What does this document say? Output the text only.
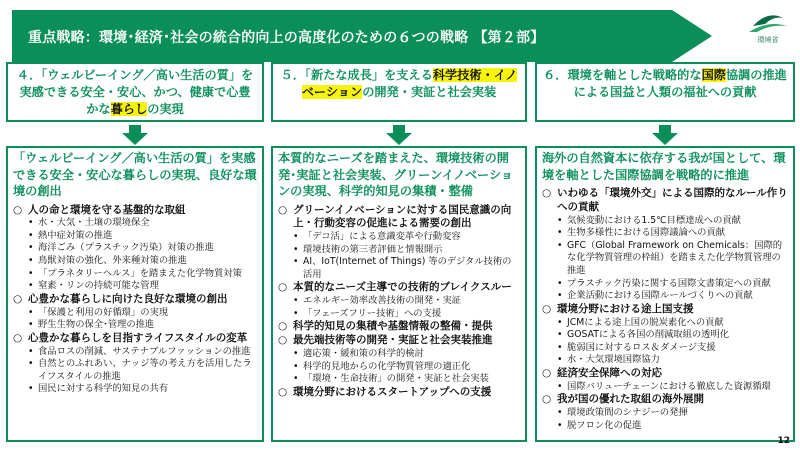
重点戦略：環境･経済･社会の統合的向上の高度化のための６つの戦略 【第２部】	環境省
４．「ウェルビーイング／高い生活の質」を実感できる安全・安心、かつ、健康で心豊かな暮らしの実現
５．「新たな成長」を支える科学技術・イノベーションの開発・実証と社会実装
６．環境を軸とした戦略的な国際協調の推進による国益と人類の福祉への貢献
「ウェルビーイング／高い生活の質」を実感できる安全・安心な暮らしの実現、良好な環境の創出
○ 人の命と環境を守る基盤的な取組
• 水・大気・土壌の環境保全
• 熱中症対策の推進
• 海洋ごみ（プラスチック汚染）対策の推進
• 鳥獣対策の強化、外来種対策の推進
• 「プラネタリーヘルス」を踏まえた化学物質対策
• 窒素・リンの持続可能な管理
○ 心豊かな暮らしに向けた良好な環境の創出
• 「保護と利用の好循環」の実現
• 野生生物の保全･管理の推進
○ 心豊かな暮らしを目指すライフスタイルの変革
• 食品ロスの削減、サステナブルファッションの推進
• 自然とのふれあい、ナッジ等の考え方を活用したライフスタイルの推進
• 国民に対する科学的知見の共有
本質的なニーズを踏まえた、環境技術の開発･実証と社会実装、グリーンイノベーションの実現、科学的知見の集積・整備
○ グリーンイノベーションに対する国民意識の向上・行動変容の促進による需要の創出
• 「デコ活」による意識変革や行動変容
• 環境技術の第三者評価と情報開示
• AI、IoT(Internet of Things) 等のデジタル技術の活用
○ 本質的なニーズ主導での技術的ブレイクスルー
• エネルギー効率改善技術の開発・実証
• 「フェーズフリー技術」への支援
○ 科学的知見の集積や基盤情報の整備・提供
○ 最先端技術等の開発・実証と社会実装推進
• 適応策・緩和策の科学的検討
• 科学的見地からの化学物質管理の適正化
• 「環境・生命技術」の開発・実証と社会実装
○ 環境分野におけるスタートアップへの支援
海外の自然資本に依存する我が国として、環境を軸とした国際協調を戦略的に推進
○ いわゆる「環境外交」による国際的なルール作りへの貢献
• 気候変動における1.5℃目標達成への貢献
• 生物多様性における国際議論への貢献
• GFC（Global Framework on Chemicals：国際的な化学物質管理の枠組）を踏まえた化学物質管理の推進
• プラスチック汚染に関する国際文書策定への貢献
• 企業活動における国際ルールづくりへの貢献
○ 環境分野における途上国支援
• JCMによる途上国の脱炭素化への貢献
• GOSATによる各国の削減取組の透明化
• 脆弱国に対するロス＆ダメージ支援
• 水・大気環境国際協力
○ 経済安全保障への対応
• 国際バリューチェーンにおける徹底した資源循環
○ 我が国の優れた取組の海外展開
• 環境政策間のシナジーの発揮
• 脱フロン化の促進
12
